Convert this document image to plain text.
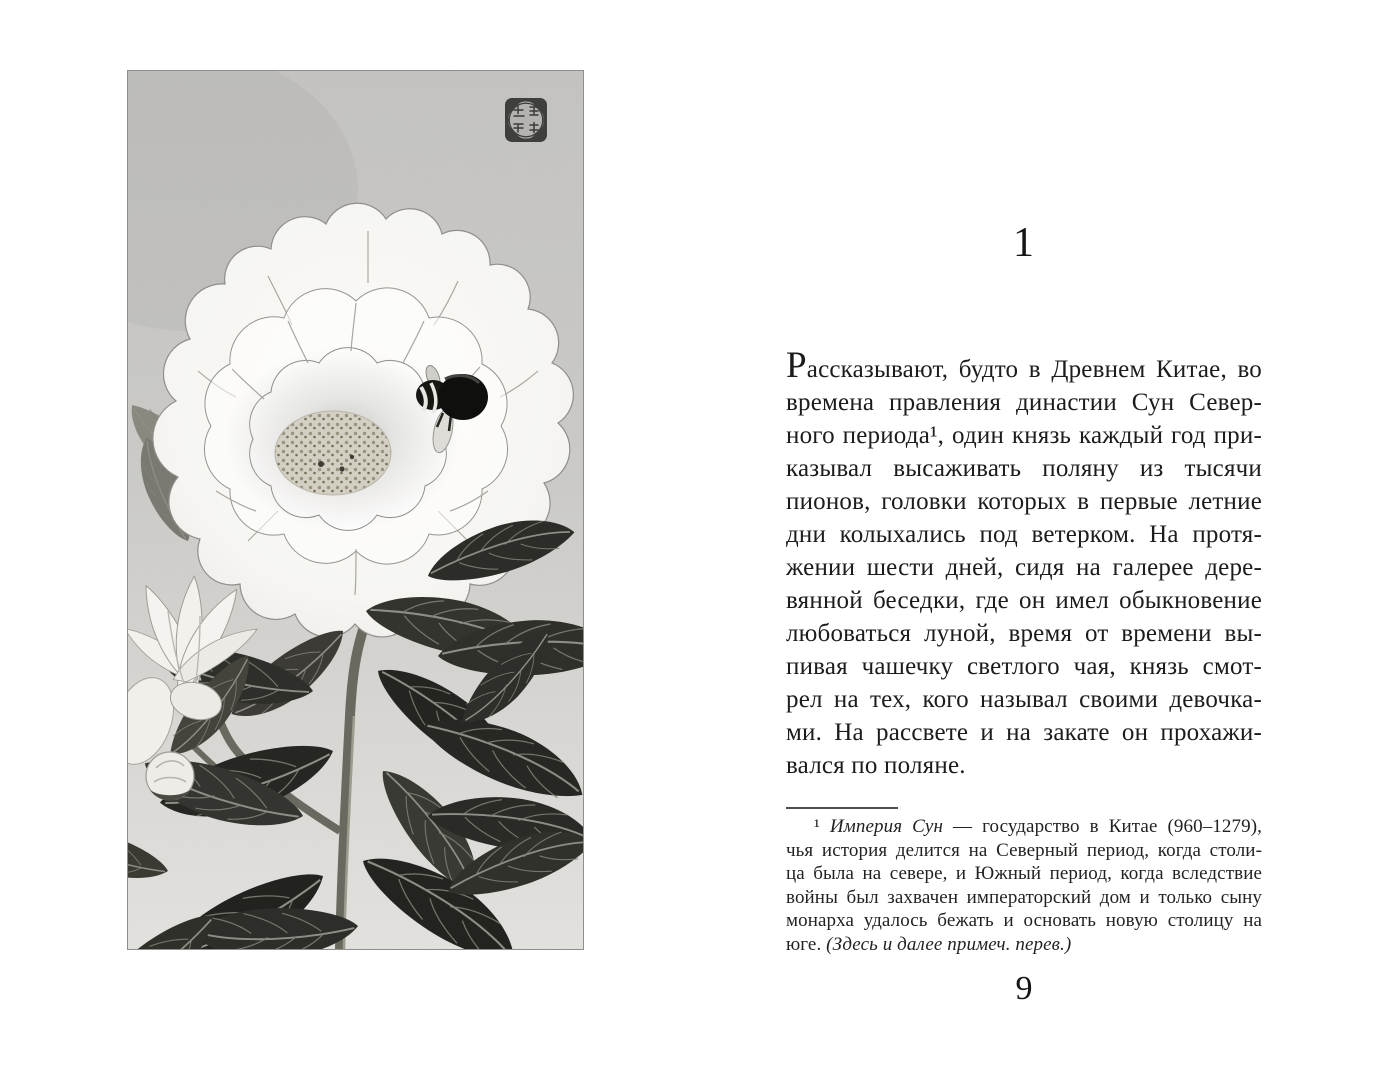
1

Рассказывают, будто в Древнем Китае, во

времена правления династии Сун Север-

ного периода¹, один князь каждый год при-

казывал высаживать поляну из тысячи

пионов, головки которых в первые летние

дни колыхались под ветерком. На протя-

жении шести дней, сидя на галерее дере-

вянной беседки, где он имел обыкновение

любоваться луной, время от времени вы-

пивая чашечку светлого чая, князь смот-

рел на тех, кого называл своими девочка-

ми. На рассвете и на закате он прохажи-

вался по поляне.

¹ Империя Сун — государство в Китае (960–1279),

чья история делится на Северный период, когда столи-

ца была на севере, и Южный период, когда вследствие

войны был захвачен императорский дом и только сыну

монарха удалось бежать и основать новую столицу на

юге. (Здесь и далее примеч. перев.)

9
